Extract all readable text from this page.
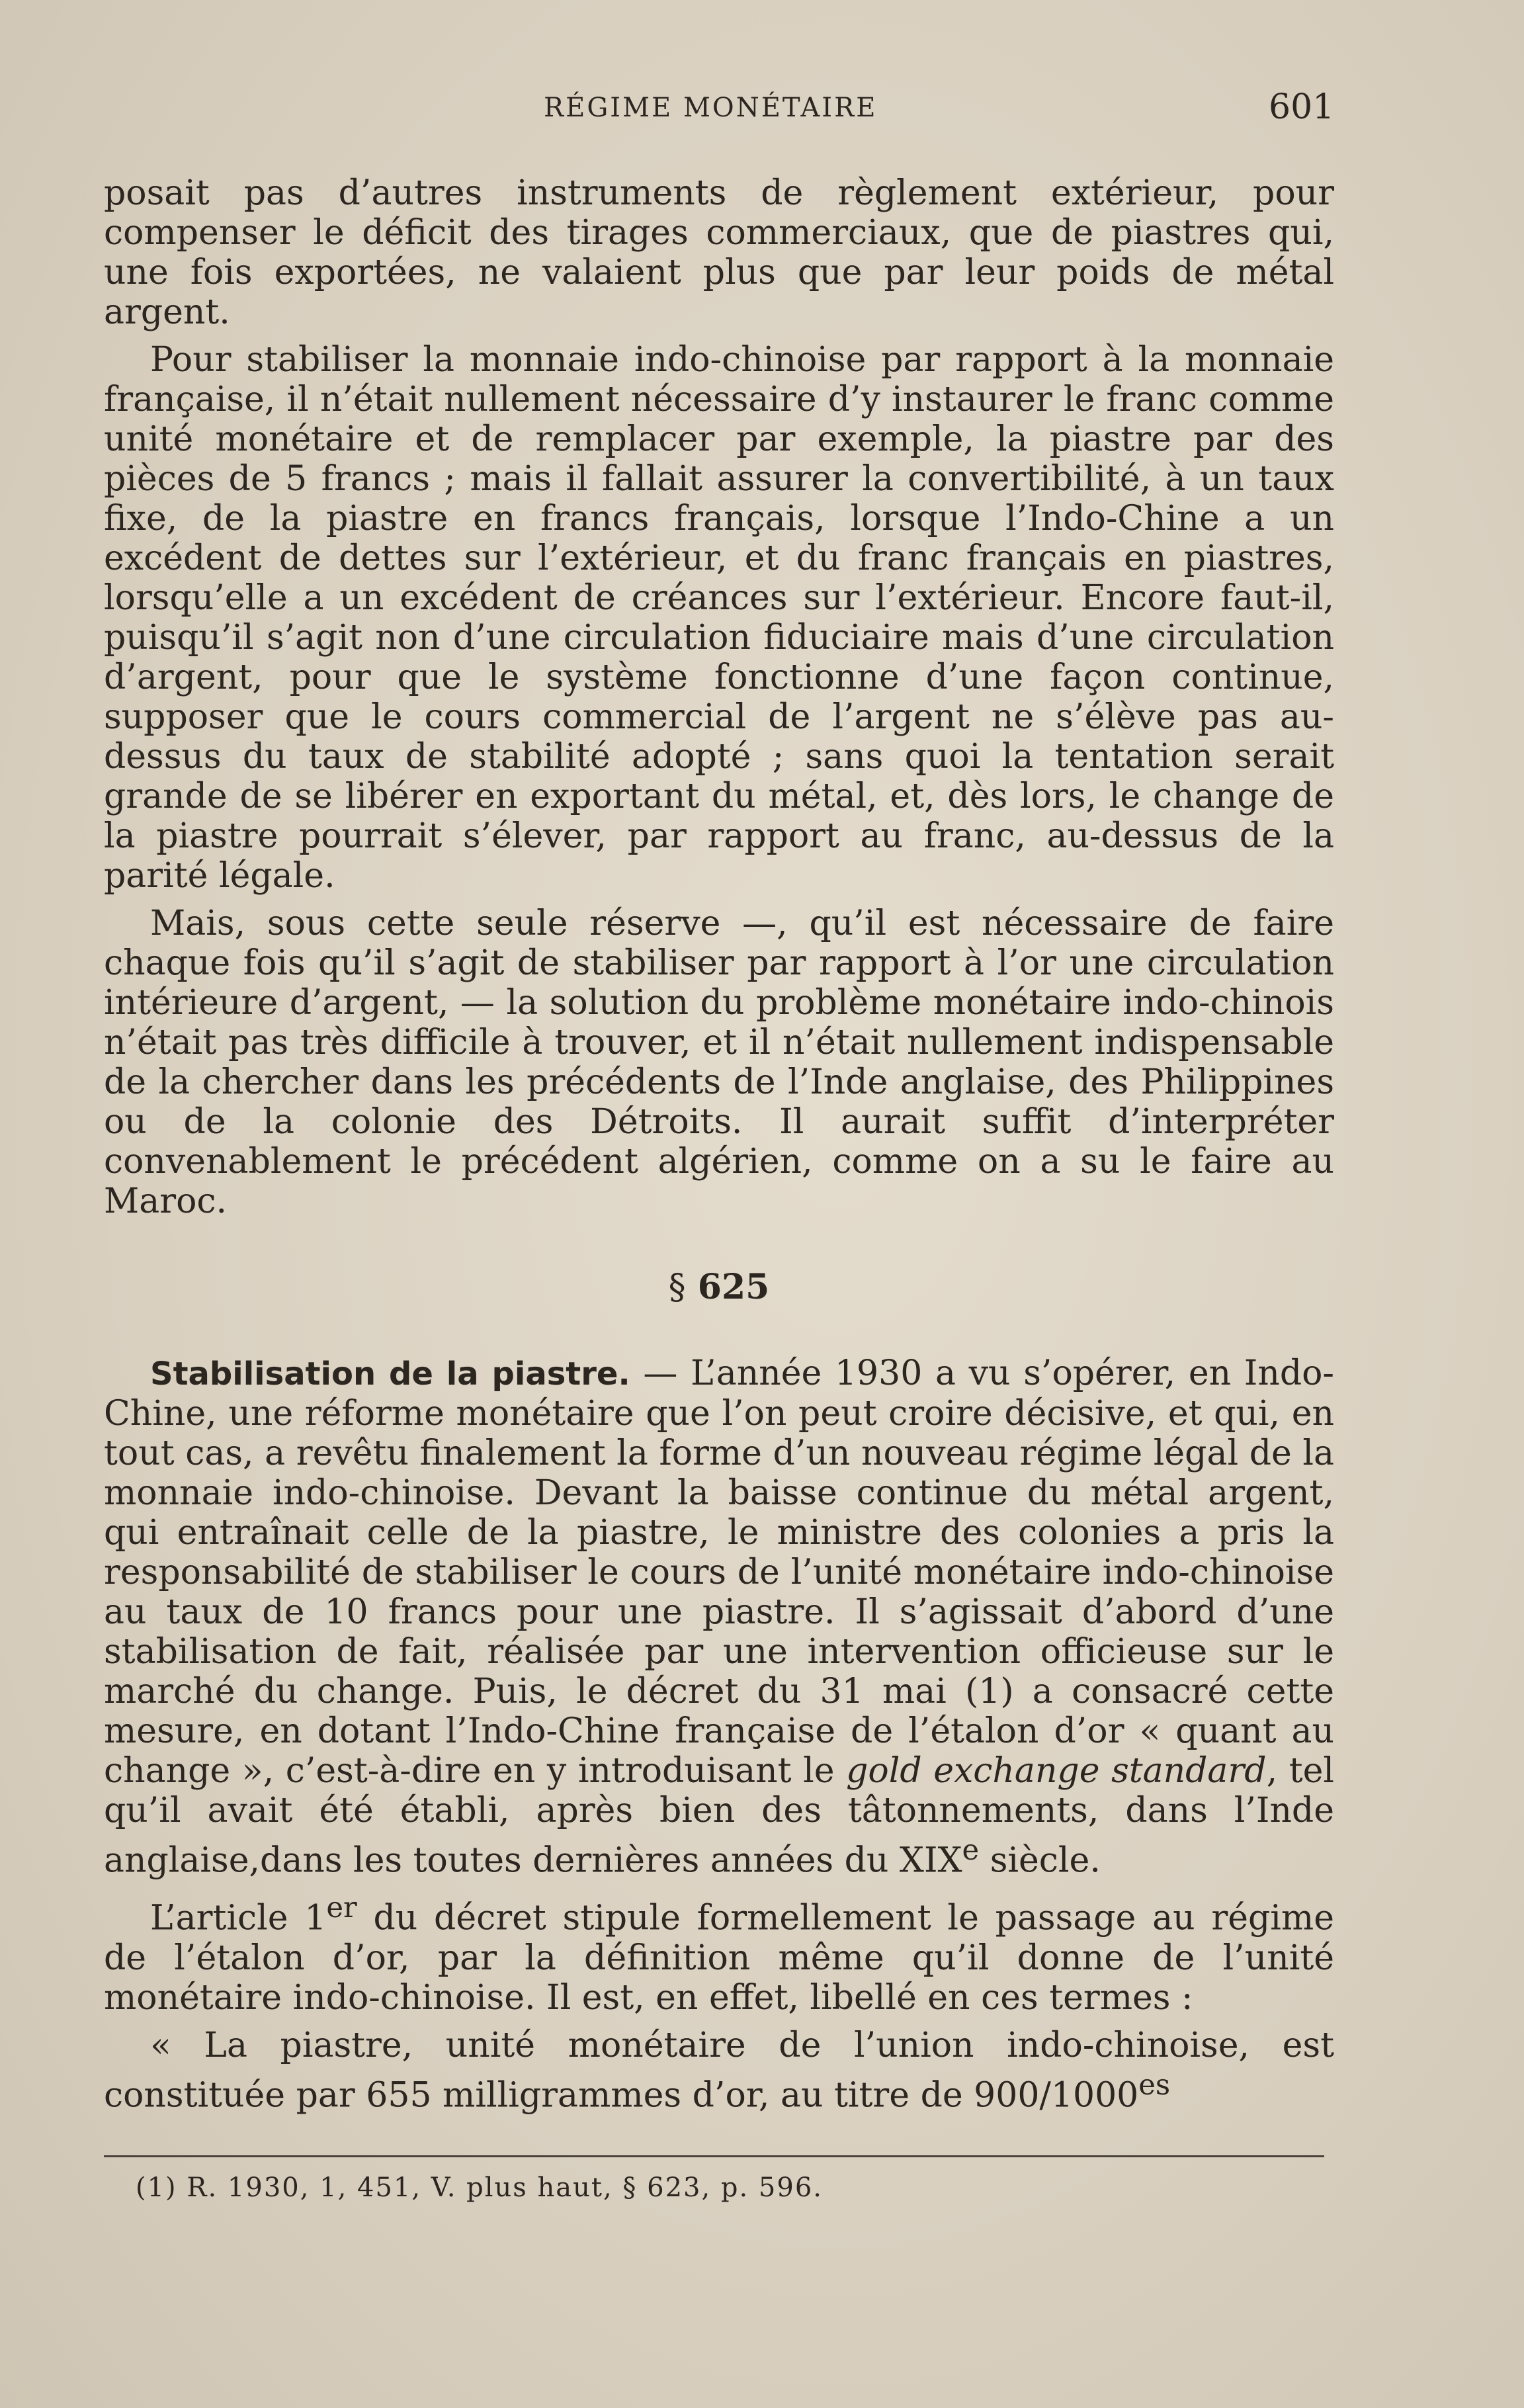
RÉGIME MONÉTAIRE	601

posait pas d’autres instruments de règlement extérieur, pour compenser le déficit des tirages commerciaux, que de piastres qui, une fois exportées, ne valaient plus que par leur poids de métal argent.

Pour stabiliser la monnaie indo-chinoise par rapport à la monnaie française, il n’était nullement nécessaire d’y instaurer le franc comme unité monétaire et de remplacer par exemple, la piastre par des pièces de 5 francs ; mais il fallait assurer la convertibilité, à un taux fixe, de la piastre en francs français, lorsque l’Indo-Chine a un excédent de dettes sur l’extérieur, et du franc français en piastres, lorsqu’elle a un excédent de créances sur l’extérieur. Encore faut-il, puisqu’il s’agit non d’une circulation fiduciaire mais d’une circulation d’argent, pour que le système fonctionne d’une façon continue, supposer que le cours commercial de l’argent ne s’élève pas au-dessus du taux de stabilité adopté ; sans quoi la tentation serait grande de se libérer en exportant du métal, et, dès lors, le change de la piastre pourrait s’élever, par rapport au franc, au-dessus de la parité légale.

Mais, sous cette seule réserve —, qu’il est nécessaire de faire chaque fois qu’il s’agit de stabiliser par rapport à l’or une circulation intérieure d’argent, — la solution du problème monétaire indo-chinois n’était pas très difficile à trouver, et il n’était nullement indispensable de la chercher dans les précédents de l’Inde anglaise, des Philippines ou de la colonie des Détroits. Il aurait suffit d’interpréter convenablement le précédent algérien, comme on a su le faire au Maroc.

§ 625

Stabilisation de la piastre. — L’année 1930 a vu s’opérer, en Indo-Chine, une réforme monétaire que l’on peut croire décisive, et qui, en tout cas, a revêtu finalement la forme d’un nouveau régime légal de la monnaie indo-chinoise. Devant la baisse continue du métal argent, qui entraînait celle de la piastre, le ministre des colonies a pris la responsabilité de stabiliser le cours de l’unité monétaire indo-chinoise au taux de 10 francs pour une piastre. Il s’agissait d’abord d’une stabilisation de fait, réalisée par une intervention officieuse sur le marché du change. Puis, le décret du 31 mai (1) a consacré cette mesure, en dotant l’Indo-Chine française de l’étalon d’or « quant au change », c’est-à-dire en y introduisant le gold exchange standard, tel qu’il avait été établi, après bien des tâtonnements, dans l’Inde anglaise,dans les toutes dernières années du XIXe siècle.

L’article 1er du décret stipule formellement le passage au régime de l’étalon d’or, par la définition même qu’il donne de l’unité monétaire indo-chinoise. Il est, en effet, libellé en ces termes :

« La piastre, unité monétaire de l’union indo-chinoise, est constituée par 655 milligrammes d’or, au titre de $900/1000^{es}$

(1) R. 1930, 1, 451, V. plus haut, § 623, p. 596.
